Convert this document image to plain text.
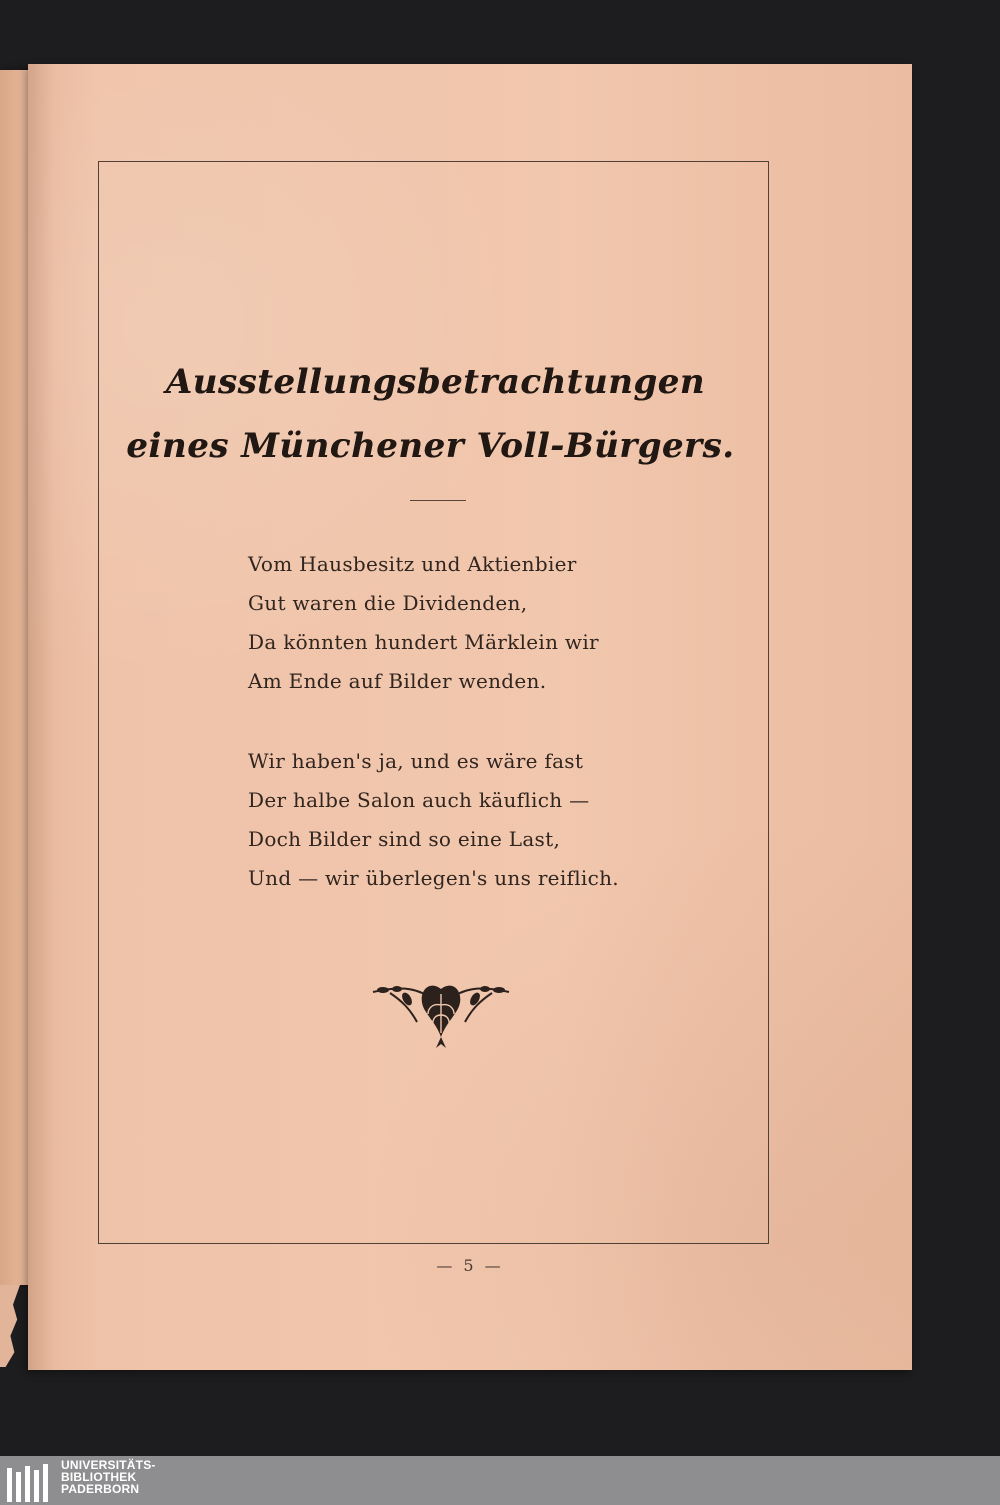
Ausstellungsbetrachtungen
eines Münchener Voll-Bürgers.
Vom Hausbesitz und Aktienbier
Gut waren die Dividenden,
Da könnten hundert Märklein wir
Am Ende auf Bilder wenden.
Wir haben's ja, und es wäre fast
Der halbe Salon auch käuflich —
Doch Bilder sind so eine Last,
Und — wir überlegen's uns reiflich.
— 5 —
UNIVERSITÄTS-
BIBLIOTHEK
PADERBORN
